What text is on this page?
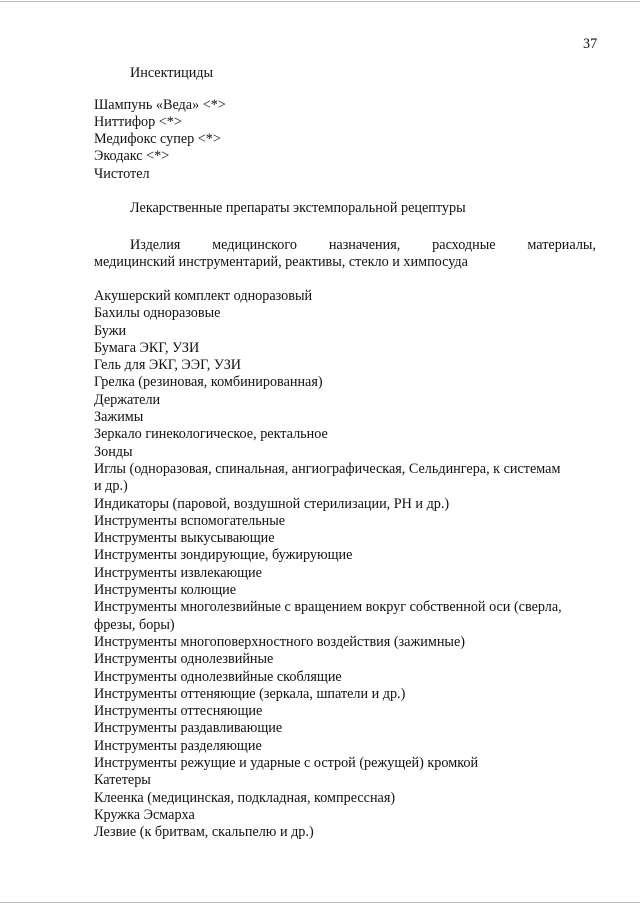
37
Инсектициды
Шампунь «Веда» <*>
Ниттифор <*>
Медифокс супер <*>
Экодакс <*>
Чистотел
Лекарственные препараты экстемпоральной рецептуры
Изделия медицинского назначения, расходные материалы,
медицинский инструментарий, реактивы, стекло и химпосуда
Акушерский комплект одноразовый
Бахилы одноразовые
Бужи
Бумага ЭКГ, УЗИ
Гель для ЭКГ, ЭЭГ, УЗИ
Грелка (резиновая, комбинированная)
Держатели
Зажимы
Зеркало гинекологическое, ректальное
Зонды
Иглы (одноразовая, спинальная, ангиографическая, Сельдингера, к системам
и др.)
Индикаторы (паровой, воздушной стерилизации, PH и др.)
Инструменты вспомогательные
Инструменты выкусывающие
Инструменты зондирующие, бужирующие
Инструменты извлекающие
Инструменты колющие
Инструменты многолезвийные с вращением вокруг собственной оси (сверла,
фрезы, боры)
Инструменты многоповерхностного воздействия (зажимные)
Инструменты однолезвийные
Инструменты однолезвийные скоблящие
Инструменты оттеняющие (зеркала, шпатели и др.)
Инструменты оттесняющие
Инструменты раздавливающие
Инструменты разделяющие
Инструменты режущие и ударные с острой (режущей) кромкой
Катетеры
Клеенка (медицинская, подкладная, компрессная)
Кружка Эсмарха
Лезвие (к бритвам, скальпелю и др.)
